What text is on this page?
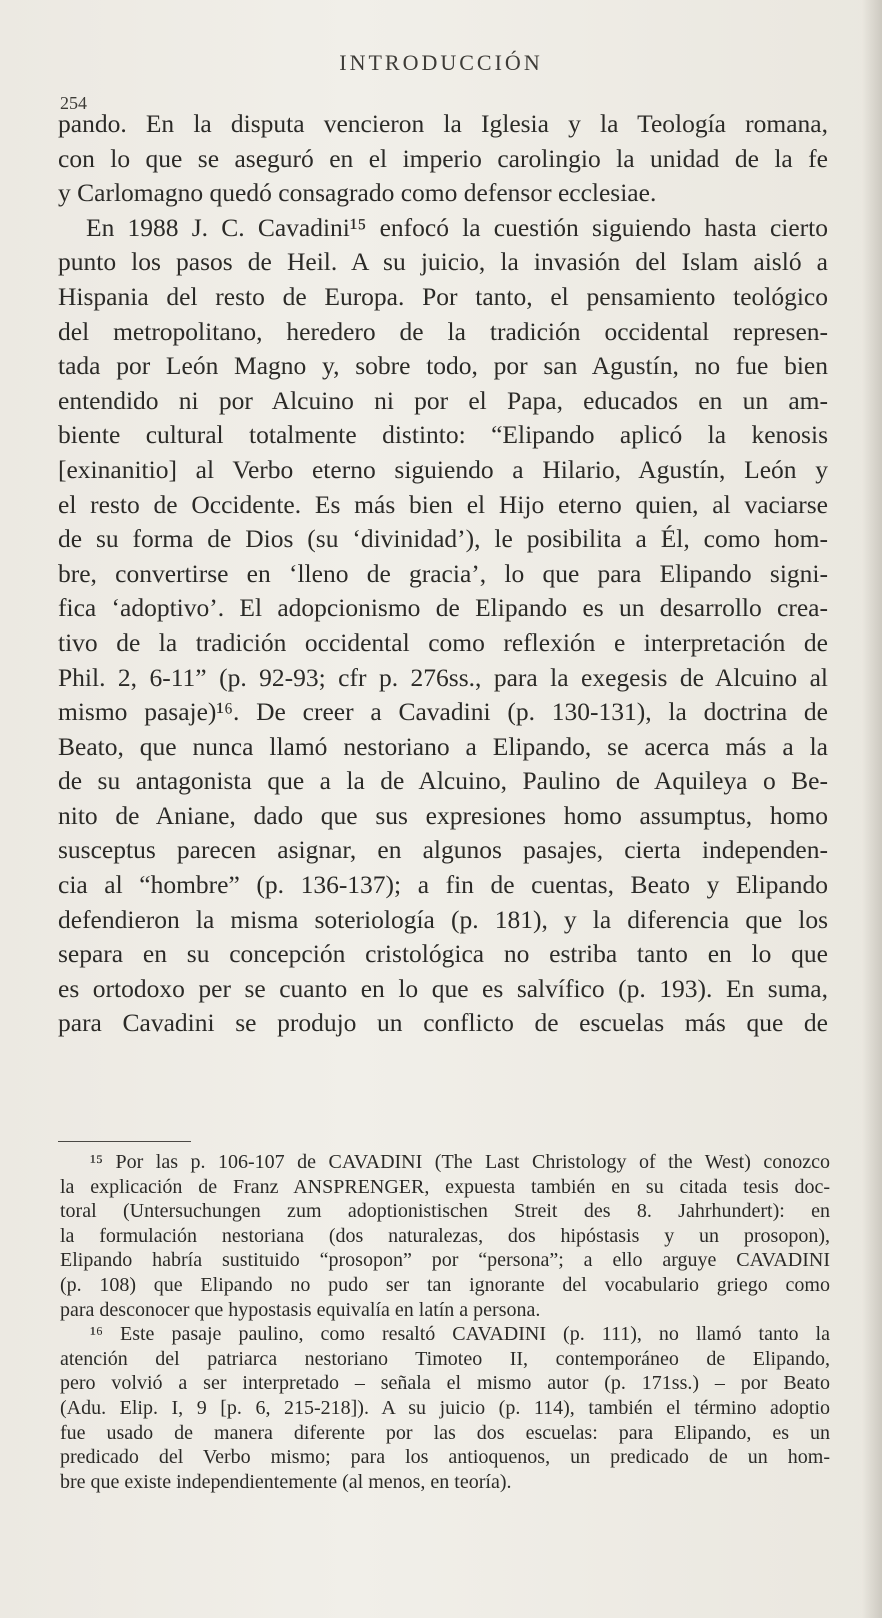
INTRODUCCIÓN
254
pando. En la disputa vencieron la Iglesia y la Teología romana,
con lo que se aseguró en el imperio carolingio la unidad de la fe
y Carlomagno quedó consagrado como defensor ecclesiae.
En 1988 J. C. Cavadini¹⁵ enfocó la cuestión siguiendo hasta cierto
punto los pasos de Heil. A su juicio, la invasión del Islam aisló a
Hispania del resto de Europa. Por tanto, el pensamiento teológico
del metropolitano, heredero de la tradición occidental represen-
tada por León Magno y, sobre todo, por san Agustín, no fue bien
entendido ni por Alcuino ni por el Papa, educados en un am-
biente cultural totalmente distinto: “Elipando aplicó la kenosis
[exinanitio] al Verbo eterno siguiendo a Hilario, Agustín, León y
el resto de Occidente. Es más bien el Hijo eterno quien, al vaciarse
de su forma de Dios (su ‘divinidad’), le posibilita a Él, como hom-
bre, convertirse en ‘lleno de gracia’, lo que para Elipando signi-
fica ‘adoptivo’. El adopcionismo de Elipando es un desarrollo crea-
tivo de la tradición occidental como reflexión e interpretación de
Phil. 2, 6-11” (p. 92-93; cfr p. 276ss., para la exegesis de Alcuino al
mismo pasaje)¹⁶. De creer a Cavadini (p. 130-131), la doctrina de
Beato, que nunca llamó nestoriano a Elipando, se acerca más a la
de su antagonista que a la de Alcuino, Paulino de Aquileya o Be-
nito de Aniane, dado que sus expresiones homo assumptus, homo
susceptus parecen asignar, en algunos pasajes, cierta independen-
cia al “hombre” (p. 136-137); a fin de cuentas, Beato y Elipando
defendieron la misma soteriología (p. 181), y la diferencia que los
separa en su concepción cristológica no estriba tanto en lo que
es ortodoxo per se cuanto en lo que es salvífico (p. 193). En suma,
para Cavadini se produjo un conflicto de escuelas más que de
¹⁵ Por las p. 106-107 de CAVADINI (The Last Christology of the West) conozco
la explicación de Franz ANSPRENGER, expuesta también en su citada tesis doc-
toral (Untersuchungen zum adoptionistischen Streit des 8. Jahrhundert): en
la formulación nestoriana (dos naturalezas, dos hipóstasis y un prosopon),
Elipando habría sustituido “prosopon” por “persona”; a ello arguye CAVADINI
(p. 108) que Elipando no pudo ser tan ignorante del vocabulario griego como
para desconocer que hypostasis equivalía en latín a persona.
¹⁶ Este pasaje paulino, como resaltó CAVADINI (p. 111), no llamó tanto la
atención del patriarca nestoriano Timoteo II, contemporáneo de Elipando,
pero volvió a ser interpretado – señala el mismo autor (p. 171ss.) – por Beato
(Adu. Elip. I, 9 [p. 6, 215-218]). A su juicio (p. 114), también el término adoptio
fue usado de manera diferente por las dos escuelas: para Elipando, es un
predicado del Verbo mismo; para los antioquenos, un predicado de un hom-
bre que existe independientemente (al menos, en teoría).
